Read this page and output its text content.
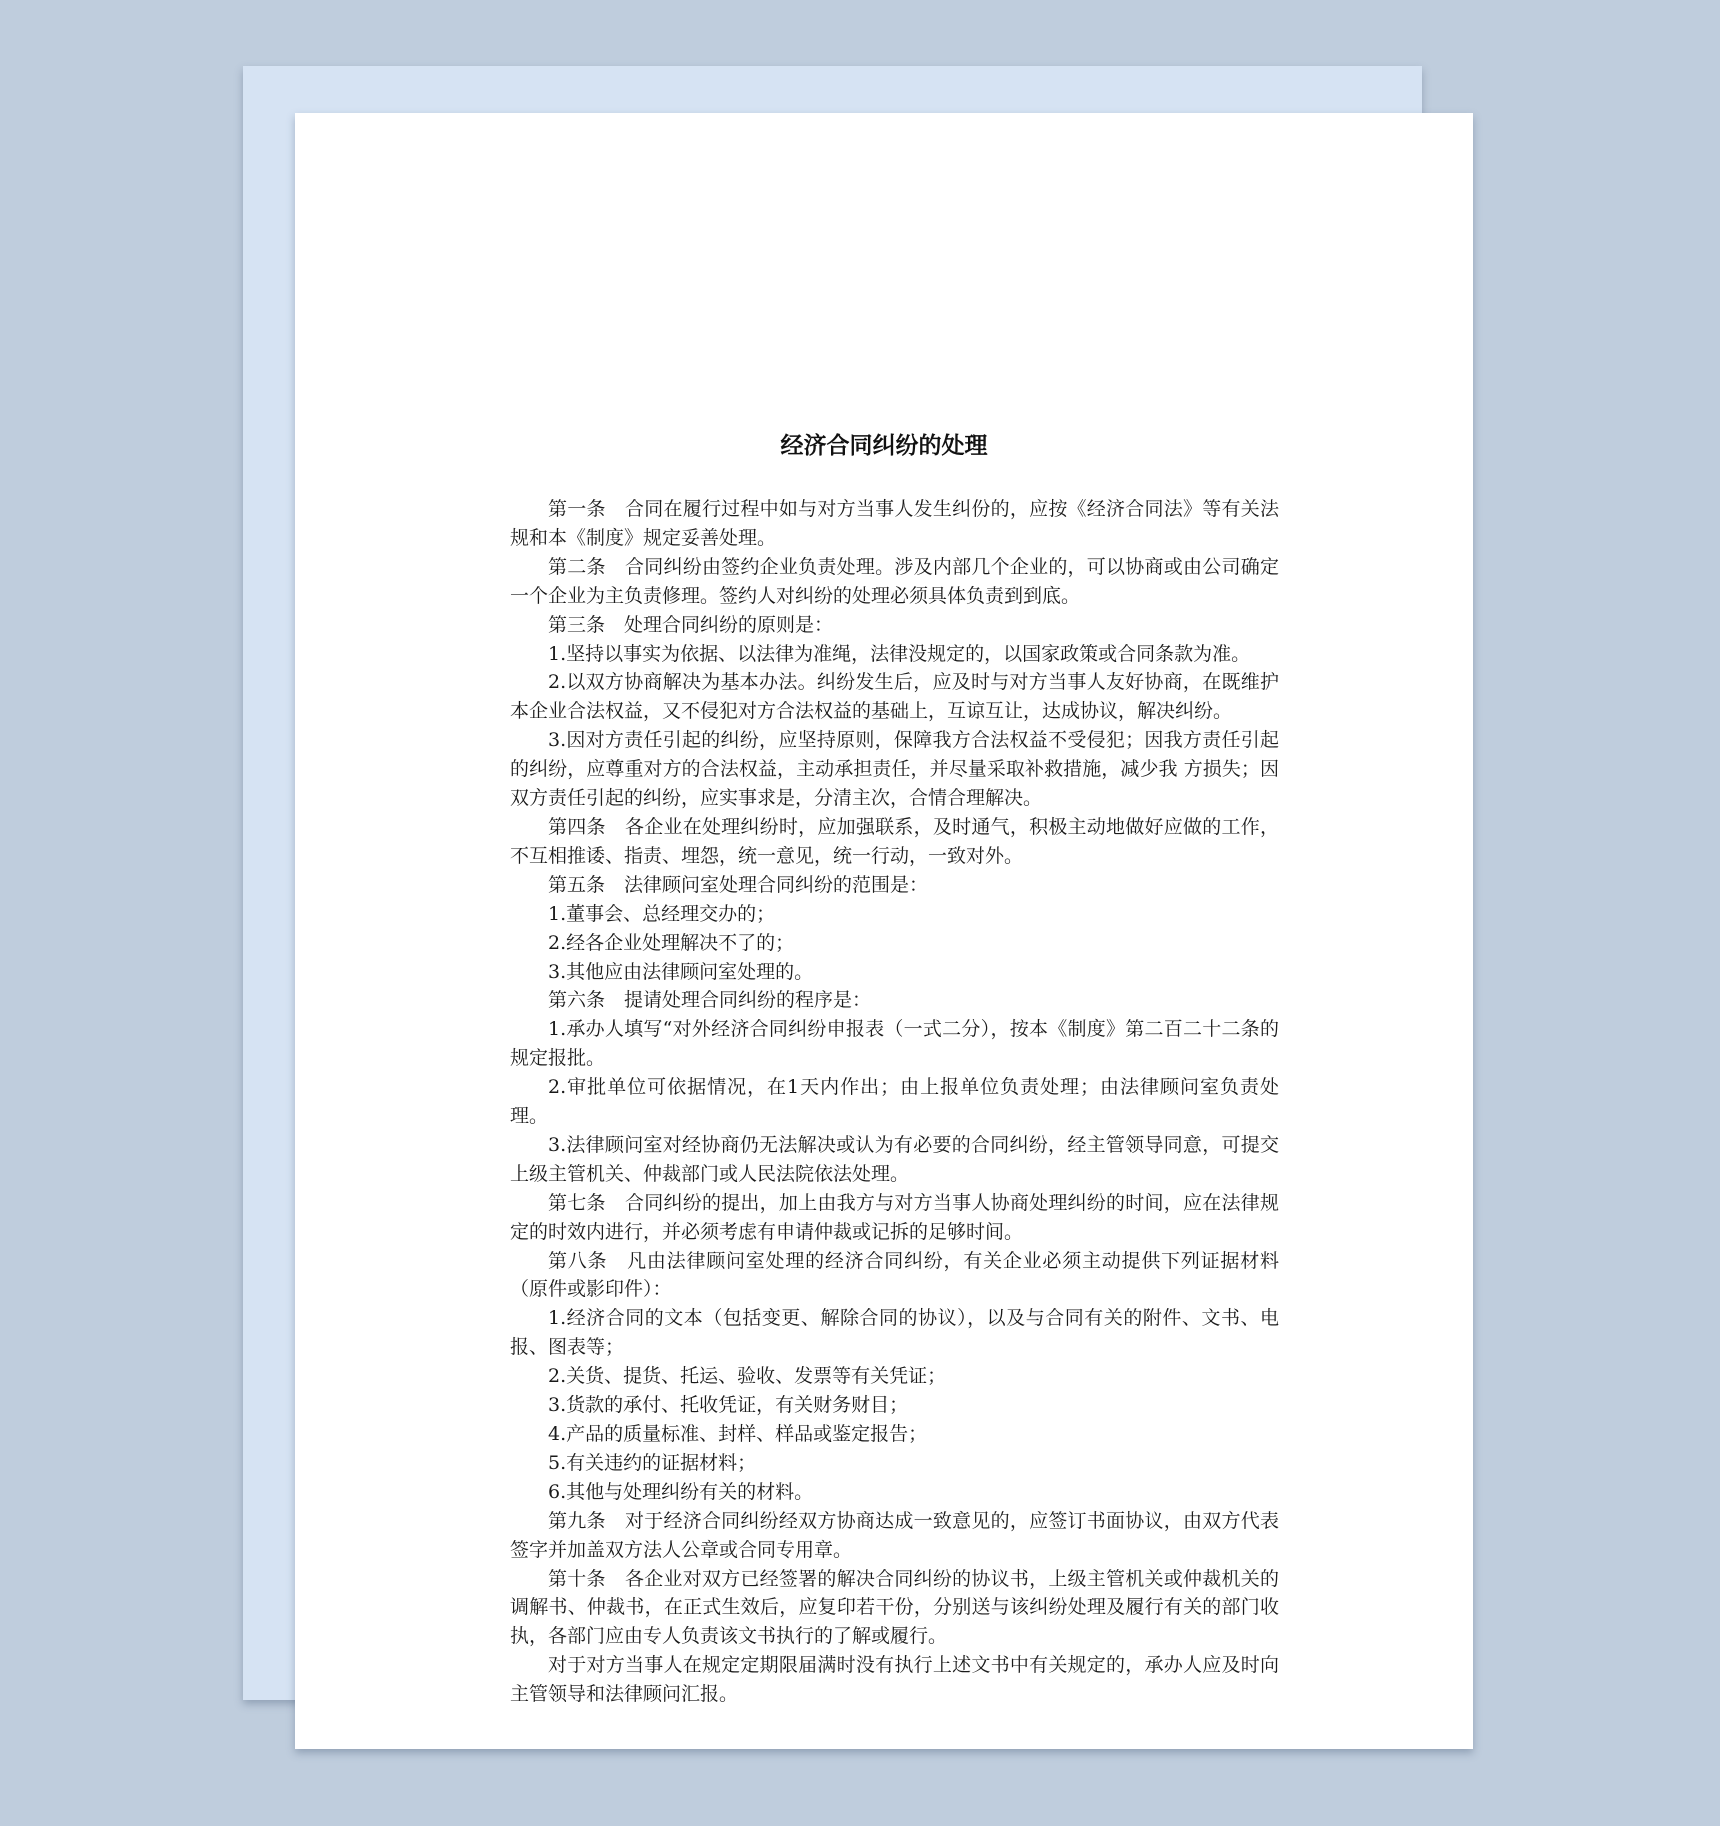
经济合同纠纷的处理

第一条　合同在履行过程中如与对方当事人发生纠份的，应按《经济合同法》等有关法规和本《制度》规定妥善处理。

第二条　合同纠纷由签约企业负责处理。涉及内部几个企业的，可以协商或由公司确定一个企业为主负责修理。签约人对纠纷的处理必须具体负责到到底。

第三条　处理合同纠纷的原则是：

1.坚持以事实为依据、以法律为准绳，法律没规定的，以国家政策或合同条款为准。

2.以双方协商解决为基本办法。纠纷发生后，应及时与对方当事人友好协商，在既维护本企业合法权益，又不侵犯对方合法权益的基础上，互谅互让，达成协议，解决纠纷。

3.因对方责任引起的纠纷，应坚持原则，保障我方合法权益不受侵犯；因我方责任引起的纠纷，应尊重对方的合法权益，主动承担责任，并尽量采取补救措施，减少我 方损失；因双方责任引起的纠纷，应实事求是，分清主次，合情合理解决。

第四条　各企业在处理纠纷时，应加强联系，及时通气，积极主动地做好应做的工作，不互相推诿、指责、埋怨，统一意见，统一行动，一致对外。

第五条　法律顾问室处理合同纠纷的范围是：

1.董事会、总经理交办的；

2.经各企业处理解决不了的；

3.其他应由法律顾问室处理的。

第六条　提请处理合同纠纷的程序是：

1.承办人填写“对外经济合同纠纷申报表（一式二分），按本《制度》第二百二十二条的规定报批。

2.审批单位可依据情况，在1天内作出；由上报单位负责处理；由法律顾问室负责处理。

3.法律顾问室对经协商仍无法解决或认为有必要的合同纠纷，经主管领导同意，可提交上级主管机关、仲裁部门或人民法院依法处理。

第七条　合同纠纷的提出，加上由我方与对方当事人协商处理纠纷的时间，应在法律规定的时效内进行，并必须考虑有申请仲裁或记拆的足够时间。

第八条　凡由法律顾问室处理的经济合同纠纷，有关企业必须主动提供下列证据材料（原件或影印件）：

1.经济合同的文本（包括变更、解除合同的协议），以及与合同有关的附件、文书、电报、图表等；

2.关货、提货、托运、验收、发票等有关凭证；

3.货款的承付、托收凭证，有关财务财目；

4.产品的质量标准、封样、样品或鉴定报告；

5.有关违约的证据材料；

6.其他与处理纠纷有关的材料。

第九条　对于经济合同纠纷经双方协商达成一致意见的，应签订书面协议，由双方代表签字并加盖双方法人公章或合同专用章。

第十条　各企业对双方已经签署的解决合同纠纷的协议书，上级主管机关或仲裁机关的调解书、仲裁书，在正式生效后，应复印若干份，分别送与该纠纷处理及履行有关的部门收执，各部门应由专人负责该文书执行的了解或履行。

对于对方当事人在规定定期限届满时没有执行上述文书中有关规定的，承办人应及时向主管领导和法律顾问汇报。
